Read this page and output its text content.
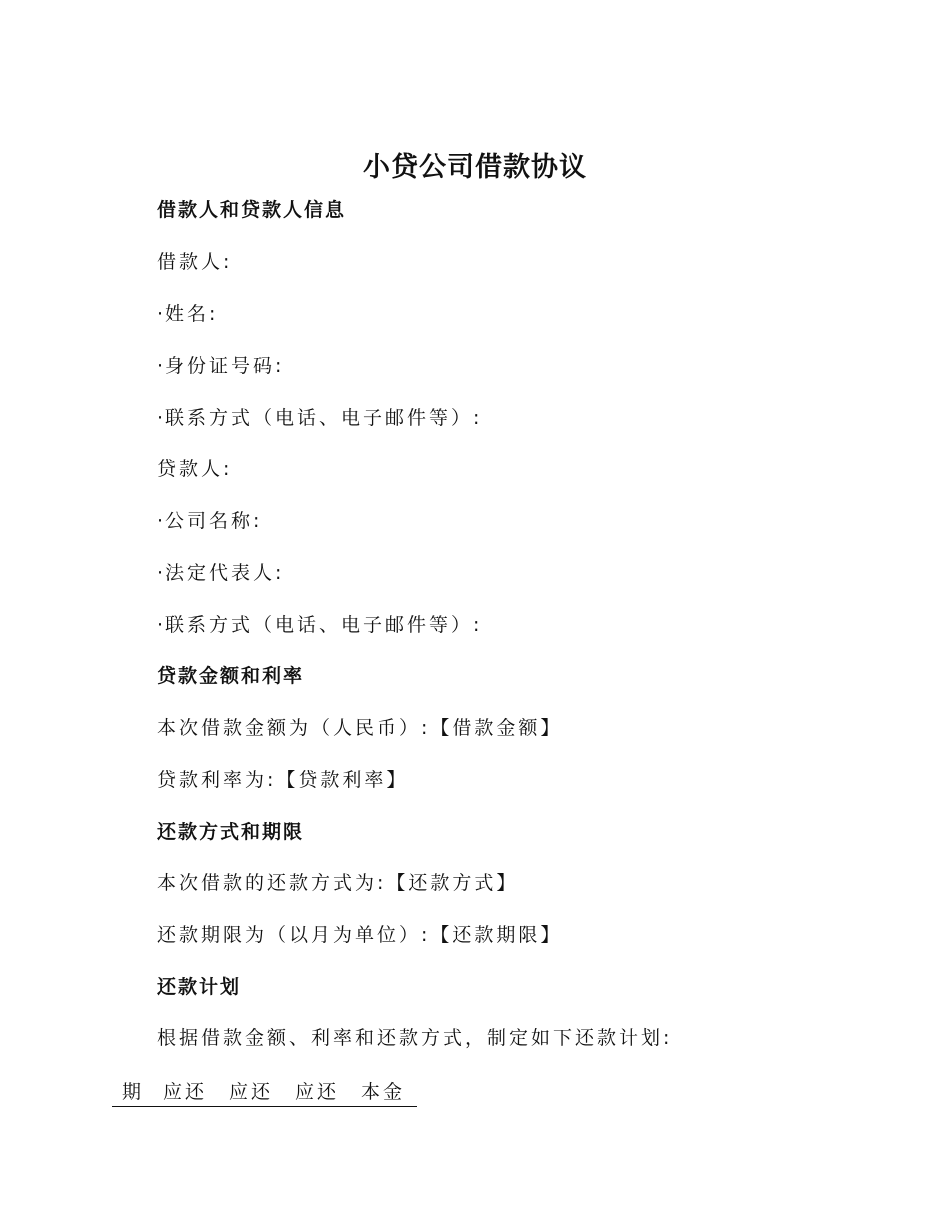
小贷公司借款协议
借款人和贷款人信息
借款人:
· 姓名:
· 身份证号码:
· 联系方式（电话、电子邮件等）:
贷款人:
· 公司名称:
· 法定代表人:
· 联系方式（电话、电子邮件等）:
贷款金额和利率
本次借款金额为（人民币）:【借款金额】
贷款利率为:【贷款利率】
还款方式和期限
本次借款的还款方式为:【还款方式】
还款期限为（以月为单位）:【还款期限】
还款计划
根据借款金额、利率和还款方式，制定如下还款计划:
期 应还 应还 应还 本金
